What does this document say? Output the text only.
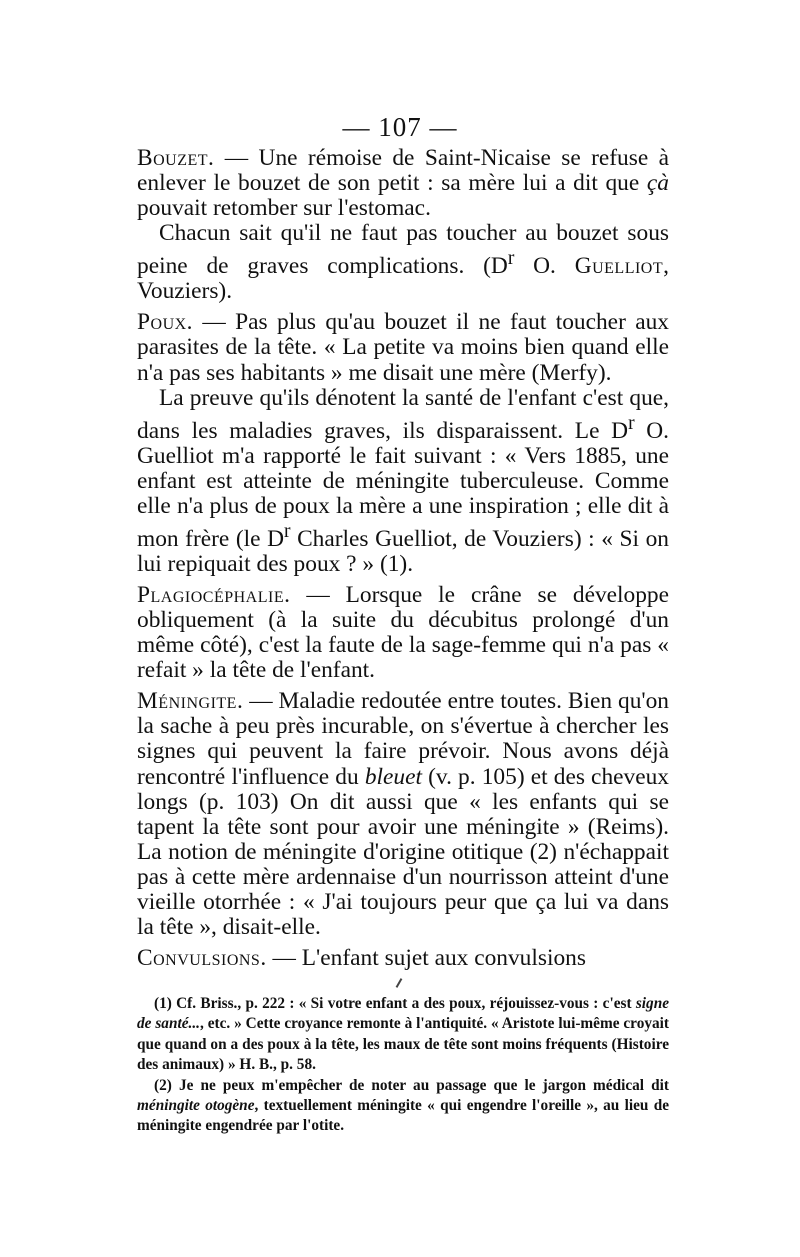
— 107 —

Bouzet. — Une rémoise de Saint-Nicaise se refuse à enlever le bouzet de son petit : sa mère lui a dit que çà pouvait retomber sur l'estomac.

Chacun sait qu'il ne faut pas toucher au bouzet sous peine de graves complications. ($D^r$ O. Guelliot, Vouziers).

Poux. — Pas plus qu'au bouzet il ne faut toucher aux parasites de la tête. « La petite va moins bien quand elle n'a pas ses habitants » me disait une mère (Merfy).

La preuve qu'ils dénotent la santé de l'enfant c'est que, dans les maladies graves, ils disparaissent. Le $D^r$ O. Guelliot m'a rapporté le fait suivant : « Vers 1885, une enfant est atteinte de méningite tuberculeuse. Comme elle n'a plus de poux la mère a une inspiration ; elle dit à mon frère (le $D^r$ Charles Guelliot, de Vouziers) : « Si on lui repiquait des poux ? » (1).

Plagiocéphalie. — Lorsque le crâne se développe obliquement (à la suite du décubitus prolongé d'un même côté), c'est la faute de la sage-femme qui n'a pas « refait » la tête de l'enfant.

Méningite. — Maladie redoutée entre toutes. Bien qu'on la sache à peu près incurable, on s'évertue à chercher les signes qui peuvent la faire prévoir. Nous avons déjà rencontré l'influence du bleuet (v. p. 105) et des cheveux longs (p. 103) On dit aussi que « les enfants qui se tapent la tête sont pour avoir une méningite » (Reims). La notion de méningite d'origine otitique (2) n'échappait pas à cette mère ardennaise d'un nourrisson atteint d'une vieille otorrhée : « J'ai toujours peur que ça lui va dans la tête », disait-elle.

Convulsions. — L'enfant sujet aux convulsions

(1) Cf. Briss., p. 222 : « Si votre enfant a des poux, réjouissez-vous : c'est signe de santé..., etc. » Cette croyance remonte à l'antiquité. « Aristote lui-même croyait que quand on a des poux à la tête, les maux de tête sont moins fréquents (Histoire des animaux) » H. B., p. 58.

(2) Je ne peux m'empêcher de noter au passage que le jargon médical dit méningite otogène, textuellement méningite « qui engendre l'oreille », au lieu de méningite engendrée par l'otite.
